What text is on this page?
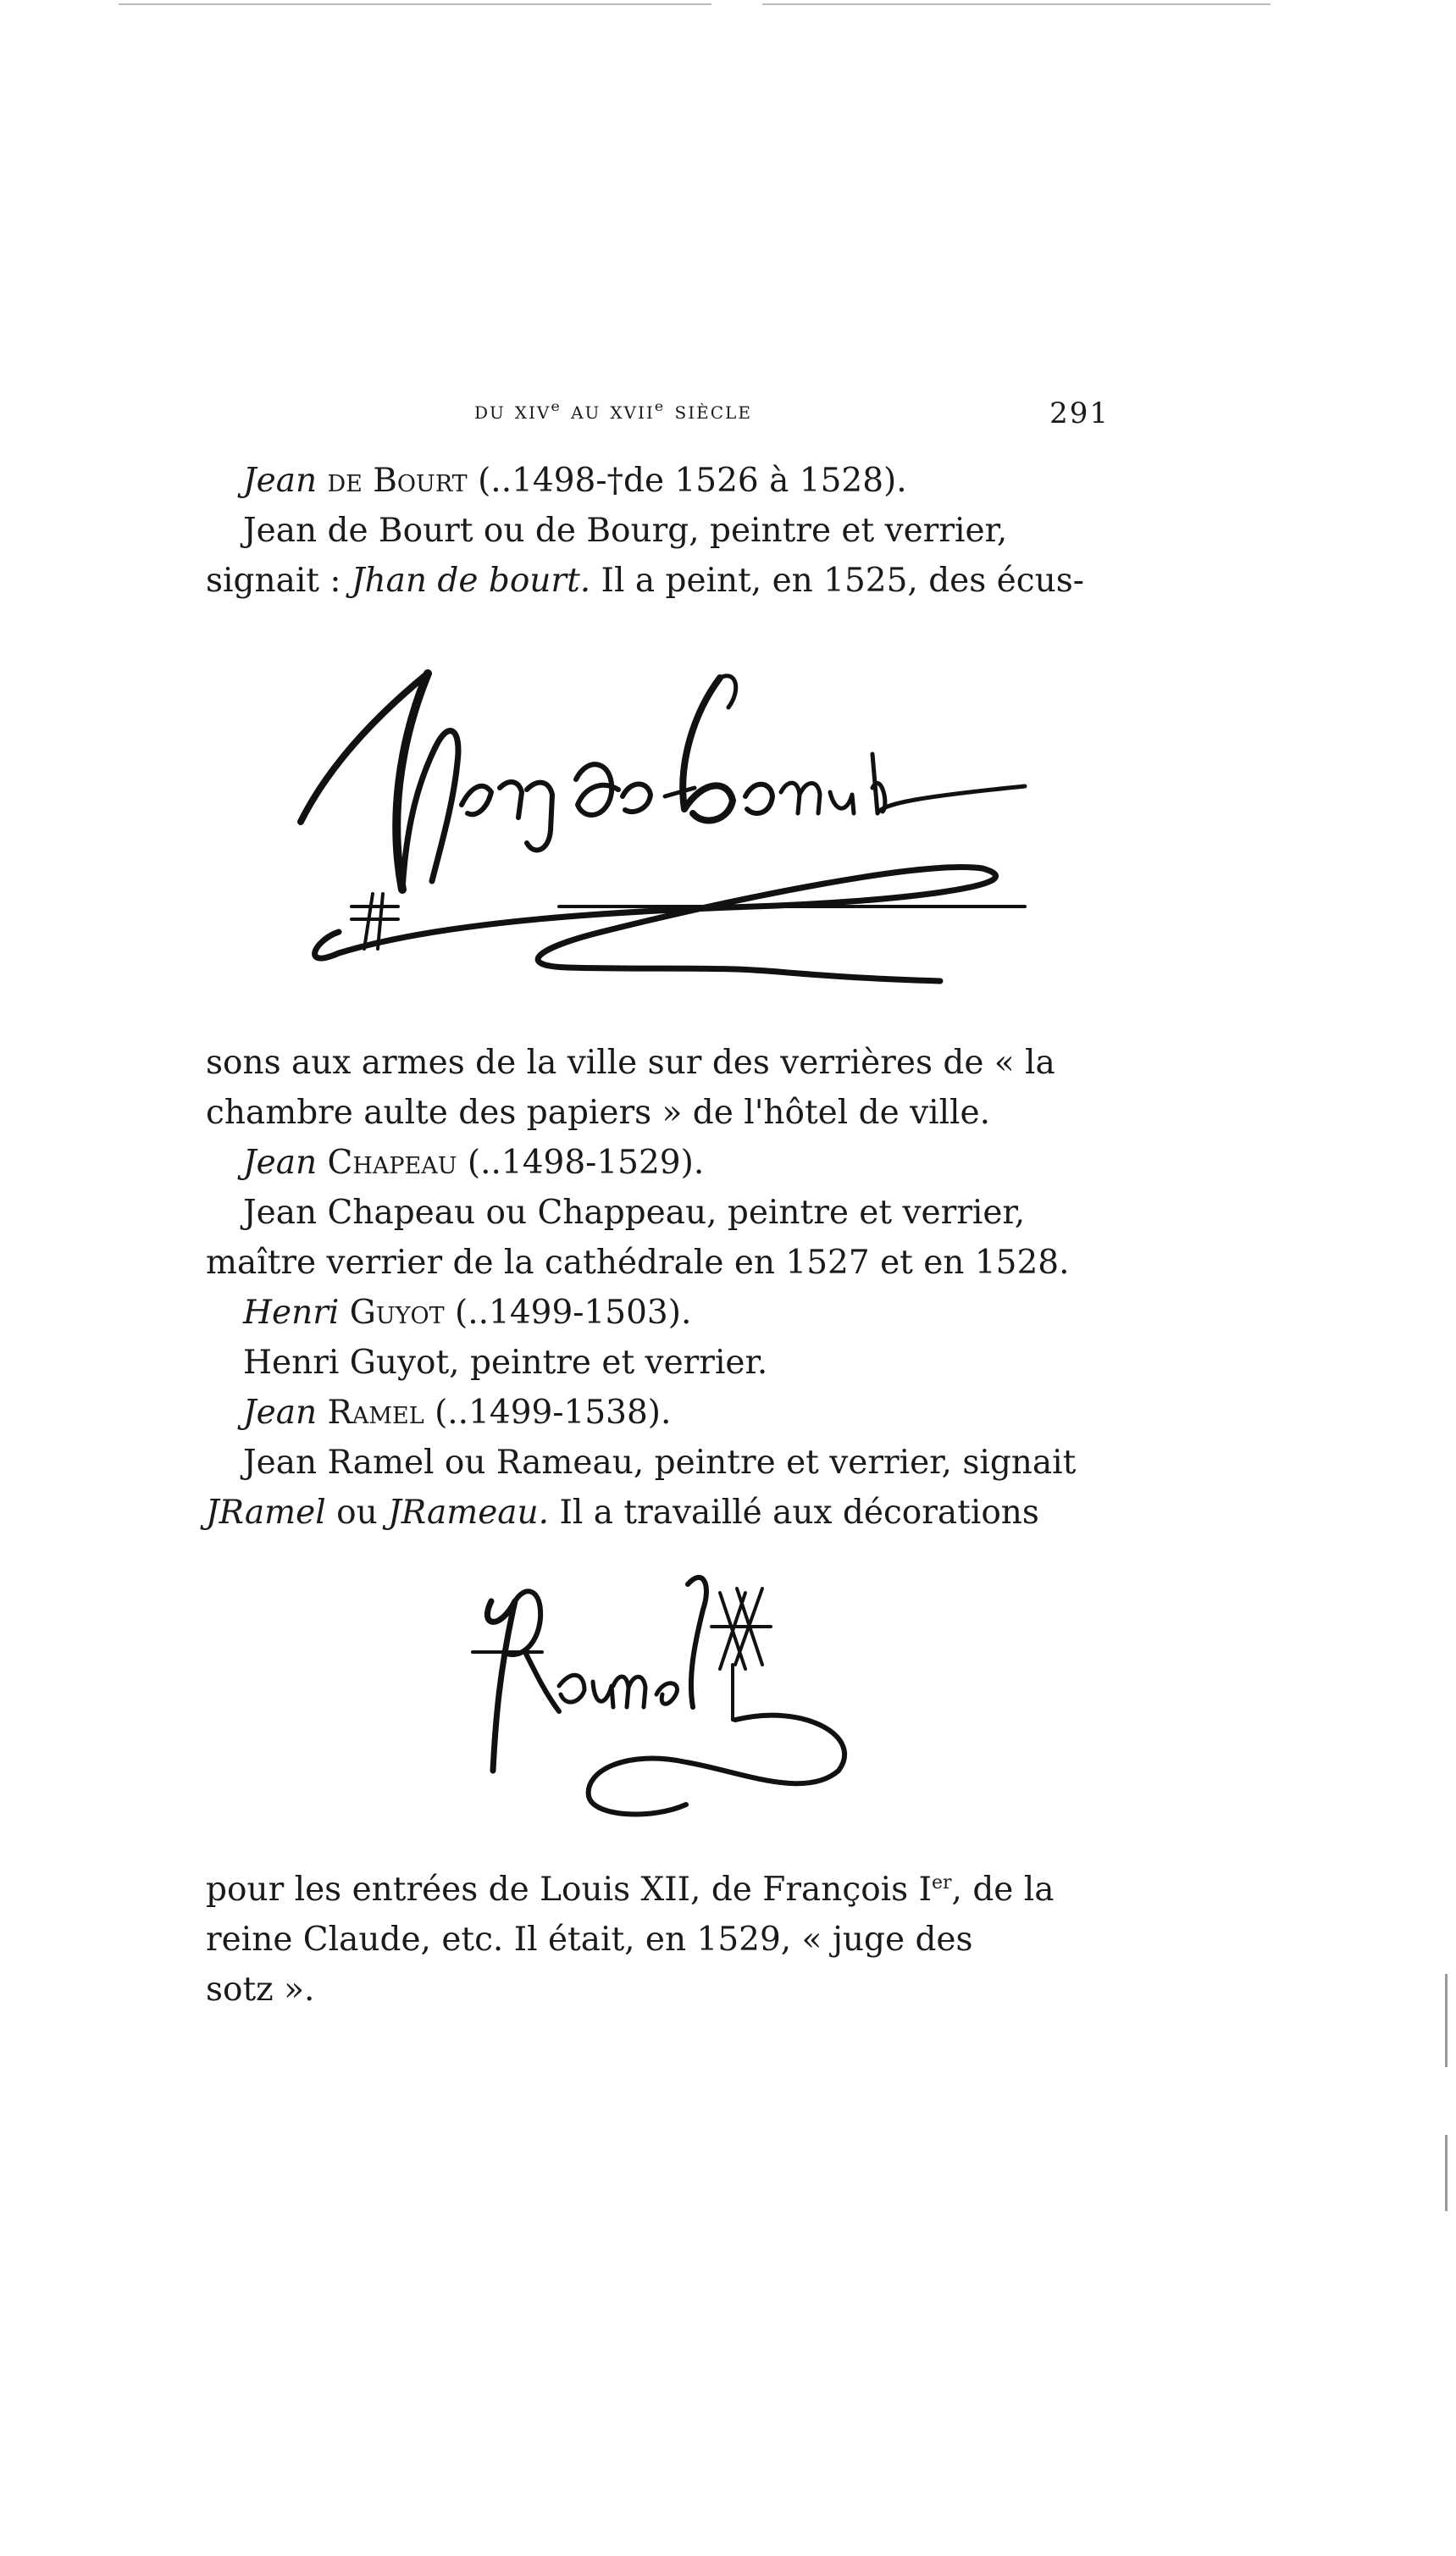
du xivᵉ au xviiᵉ siècle	291

Jean de Bourt (..1498-†de 1526 à 1528).

Jean de Bourt ou de Bourg, peintre et verrier,

signait : Jhan de bourt. Il a peint, en 1525, des écus-

sons aux armes de la ville sur des verrières de « la

chambre aulte des papiers » de l'hôtel de ville.

Jean Chapeau (..1498-1529).

Jean Chapeau ou Chappeau, peintre et verrier,

maître verrier de la cathédrale en 1527 et en 1528.

Henri Guyot (..1499-1503).

Henri Guyot, peintre et verrier.

Jean Ramel (..1499-1538).

Jean Ramel ou Rameau, peintre et verrier, signait

JRamel ou JRameau. Il a travaillé aux décorations

pour les entrées de Louis XII, de François Ier, de la

reine Claude, etc. Il était, en 1529, « juge des

sotz ».
